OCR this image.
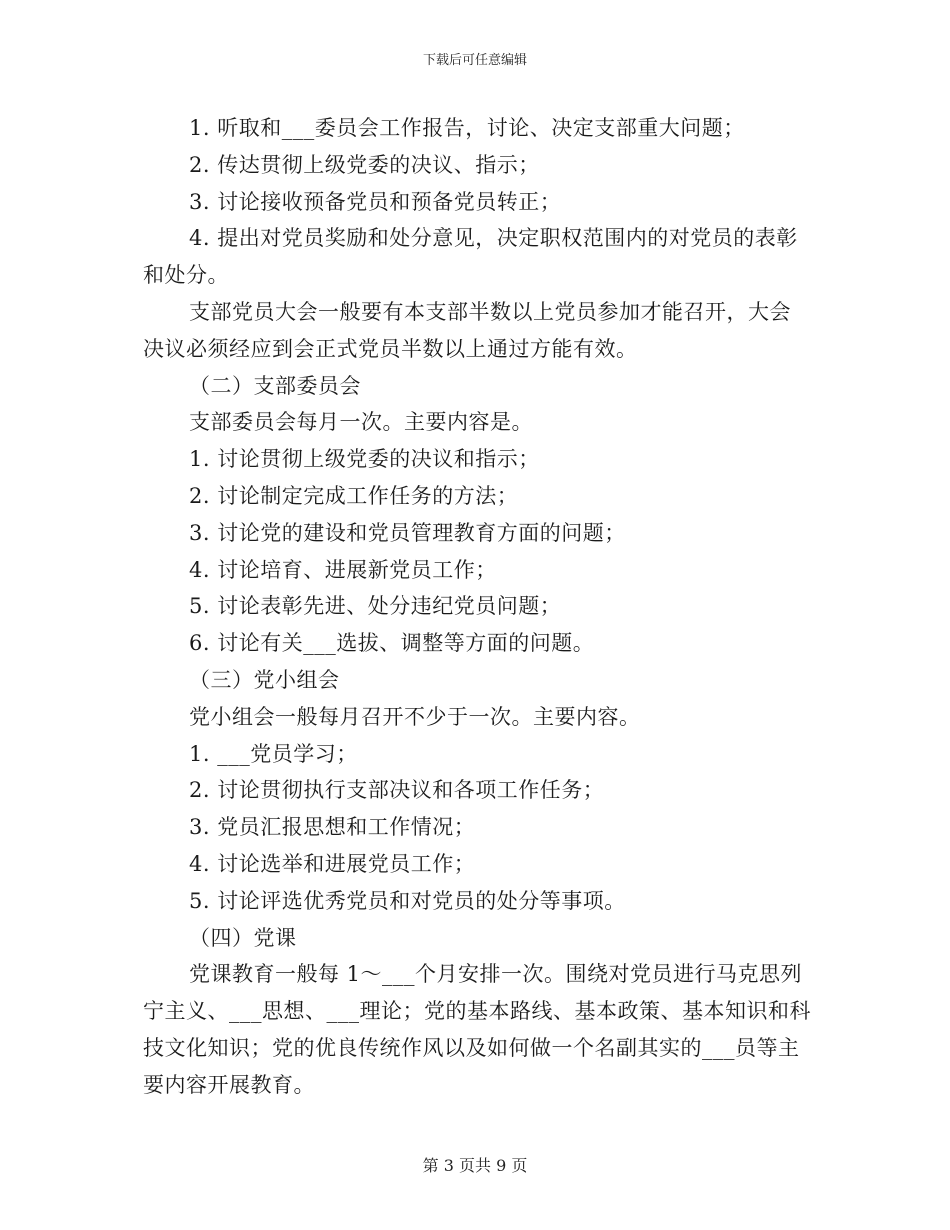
下载后可任意编辑

1. 听取和___委员会工作报告，讨论、决定支部重大问题；

2. 传达贯彻上级党委的决议、指示；

3. 讨论接收预备党员和预备党员转正；

4. 提出对党员奖励和处分意见，决定职权范围内的对党员的表彰和处分。

支部党员大会一般要有本支部半数以上党员参加才能召开，大会决议必须经应到会正式党员半数以上通过方能有效。

（二）支部委员会

支部委员会每月一次。主要内容是。

1. 讨论贯彻上级党委的决议和指示；

2. 讨论制定完成工作任务的方法；

3. 讨论党的建设和党员管理教育方面的问题；

4. 讨论培育、进展新党员工作；

5. 讨论表彰先进、处分违纪党员问题；

6. 讨论有关___选拔、调整等方面的问题。

（三）党小组会

党小组会一般每月召开不少于一次。主要内容。

1. ___党员学习；

2. 讨论贯彻执行支部决议和各项工作任务；

3. 党员汇报思想和工作情况；

4. 讨论选举和进展党员工作；

5. 讨论评选优秀党员和对党员的处分等事项。

（四）党课

党课教育一般每 1～___个月安排一次。围绕对党员进行马克思列宁主义、___思想、___理论；党的基本路线、基本政策、基本知识和科技文化知识；党的优良传统作风以及如何做一个名副其实的___员等主要内容开展教育。

第 3 页共 9 页
